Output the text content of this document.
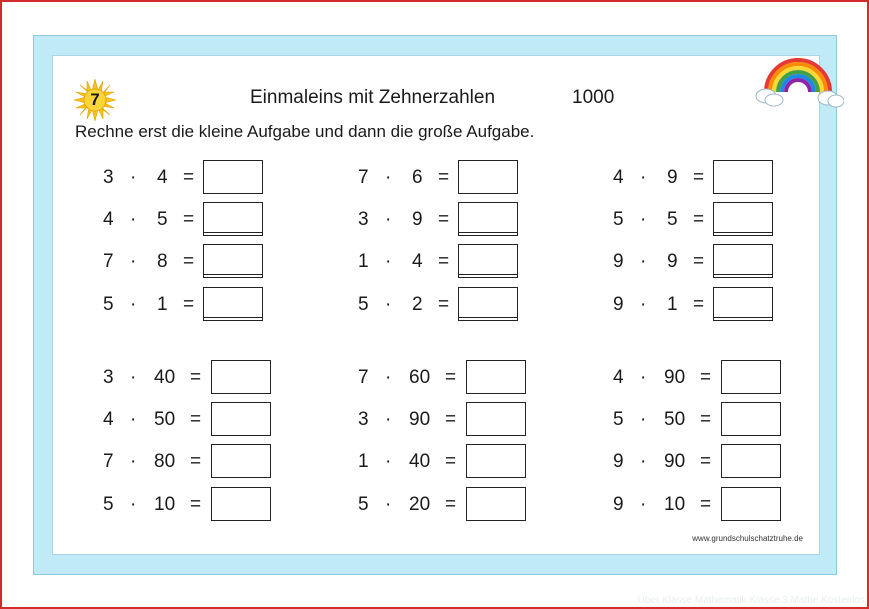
7	Einmaleins mit Zehnerzahlen	1000
Rechne erst die kleine Aufgabe und dann die große Aufgabe.
3 · 4 =
4 · 5 =
7 · 8 =
5 · 1 =
3 · 40 =
4 · 50 =
7 · 80 =
5 · 10 =
7 · 6 =
3 · 9 =
1 · 4 =
5 · 2 =
7 · 60 =
3 · 90 =
1 · 40 =
5 · 20 =
4 · 9 =
5 · 5 =
9 · 9 =
9 · 1 =
4 · 90 =
5 · 50 =
9 · 90 =
9 · 10 =
www.grundschulschatztruhe.de
Über Klasse Mathematik Klasse 3 Mathe Kostenlos
